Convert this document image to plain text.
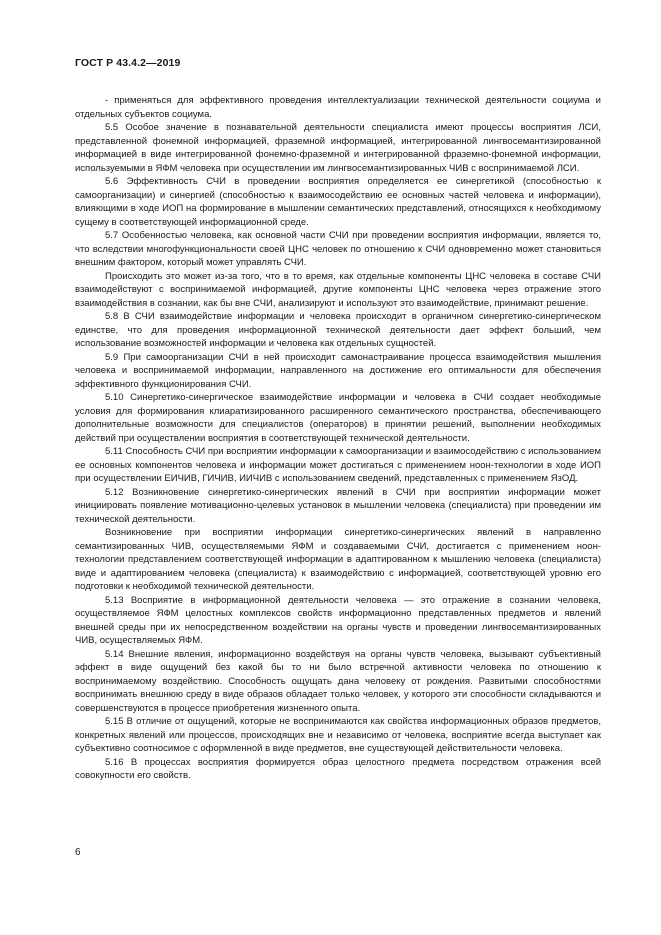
ГОСТ Р 43.4.2—2019

- применяться для эффективного проведения интеллектуализации технической деятельности социума и отдельных субъектов социума.

5.5 Особое значение в познавательной деятельности специалиста имеют процессы восприятия ЛСИ, представленной фонемной информацией, фраземной информацией, интегрированной лингвосемантизированной информацией в виде интегрированной фонемно-фраземной и интегрированной фраземно-фонемной информации, используемыми в ЯФМ человека при осуществлении им лингвосемантизированных ЧИВ с воспринимаемой ЛСИ.

5.6 Эффективность СЧИ в проведении восприятия определяется ее синергетикой (способностью к самоорганизации) и синергией (способностью к взаимосодействию ее основных частей человека и информации), влияющими в ходе ИОП на формирование в мышлении семантических представлений, относящихся к необходимому сущему в соответствующей информационной среде.

5.7 Особенностью человека, как основной части СЧИ при проведении восприятия информации, является то, что вследствии многофункциональности своей ЦНС человек по отношению к СЧИ одновременно может становиться внешним фактором, который может управлять СЧИ.

Происходить это может из-за того, что в то время, как отдельные компоненты ЦНС человека в составе СЧИ взаимодействуют с воспринимаемой информацией, другие компоненты ЦНС человека через отражение этого взаимодействия в сознании, как бы вне СЧИ, анализируют и используют это взаимодействие, принимают решение.

5.8 В СЧИ взаимодействие информации и человека происходит в органичном синергетико-синергическом единстве, что для проведения информационной технической деятельности дает эффект больший, чем использование возможностей информации и человека как отдельных сущностей.

5.9 При самоорганизации СЧИ в ней происходит самонастраивание процесса взаимодействия мышления человека и воспринимаемой информации, направленного на достижение его оптимальности для обеспечения эффективного функционирования СЧИ.

5.10 Синергетико-синергическое взаимодействие информации и человека в СЧИ создает необходимые условия для формирования клиаратизированного расширенного семантического пространства, обеспечивающего дополнительные возможности для специалистов (операторов) в принятии решений, выполнении необходимых действий при осуществлении восприятия в соответствующей технической деятельности.

5.11 Способность СЧИ при восприятии информации к самоорганизации и взаимосодействию с использованием ее основных компонентов человека и информации может достигаться с применением ноон-технологии в ходе ИОП при осуществлении ЕИЧИВ, ГИЧИВ, ИИЧИВ с использованием сведений, представленных с применением ЯзОД.

5.12 Возникновение синергетико-синергических явлений в СЧИ при восприятии информации может инициировать появление мотивационно-целевых установок в мышлении человека (специалиста) при проведении им технической деятельности.

Возникновение при восприятии информации синергетико-синергических явлений в направленно семантизированных ЧИВ, осуществляемыми ЯФМ и создаваемыми СЧИ, достигается с применением ноон-технологии представлением соответствующей информации в адаптированном к мышлению человека (специалиста) виде и адаптированием человека (специалиста) к взаимодействию с информацией, соответствующей уровню его подготовки к необходимой технической деятельности.

5.13 Восприятие в информационной деятельности человека — это отражение в сознании человека, осуществляемое ЯФМ целостных комплексов свойств информационно представленных предметов и явлений внешней среды при их непосредственном воздействии на органы чувств и проведении лингвосемантизированных ЧИВ, осуществляемых ЯФМ.

5.14 Внешние явления, информационно воздействуя на органы чувств человека, вызывают субъективный эффект в виде ощущений без какой бы то ни было встречной активности человека по отношению к воспринимаемому воздействию. Способность ощущать дана человеку от рождения. Развитыми способностями воспринимать внешнюю среду в виде образов обладает только человек, у которого эти способности складываются и совершенствуются в процессе приобретения жизненного опыта.

5.15 В отличие от ощущений, которые не воспринимаются как свойства информационных образов предметов, конкретных явлений или процессов, происходящих вне и независимо от человека, восприятие всегда выступает как субъективно соотносимое с оформленной в виде предметов, вне существующей действительности человека.

5.16 В процессах восприятия формируется образ целостного предмета посредством отражения всей совокупности его свойств.

6
